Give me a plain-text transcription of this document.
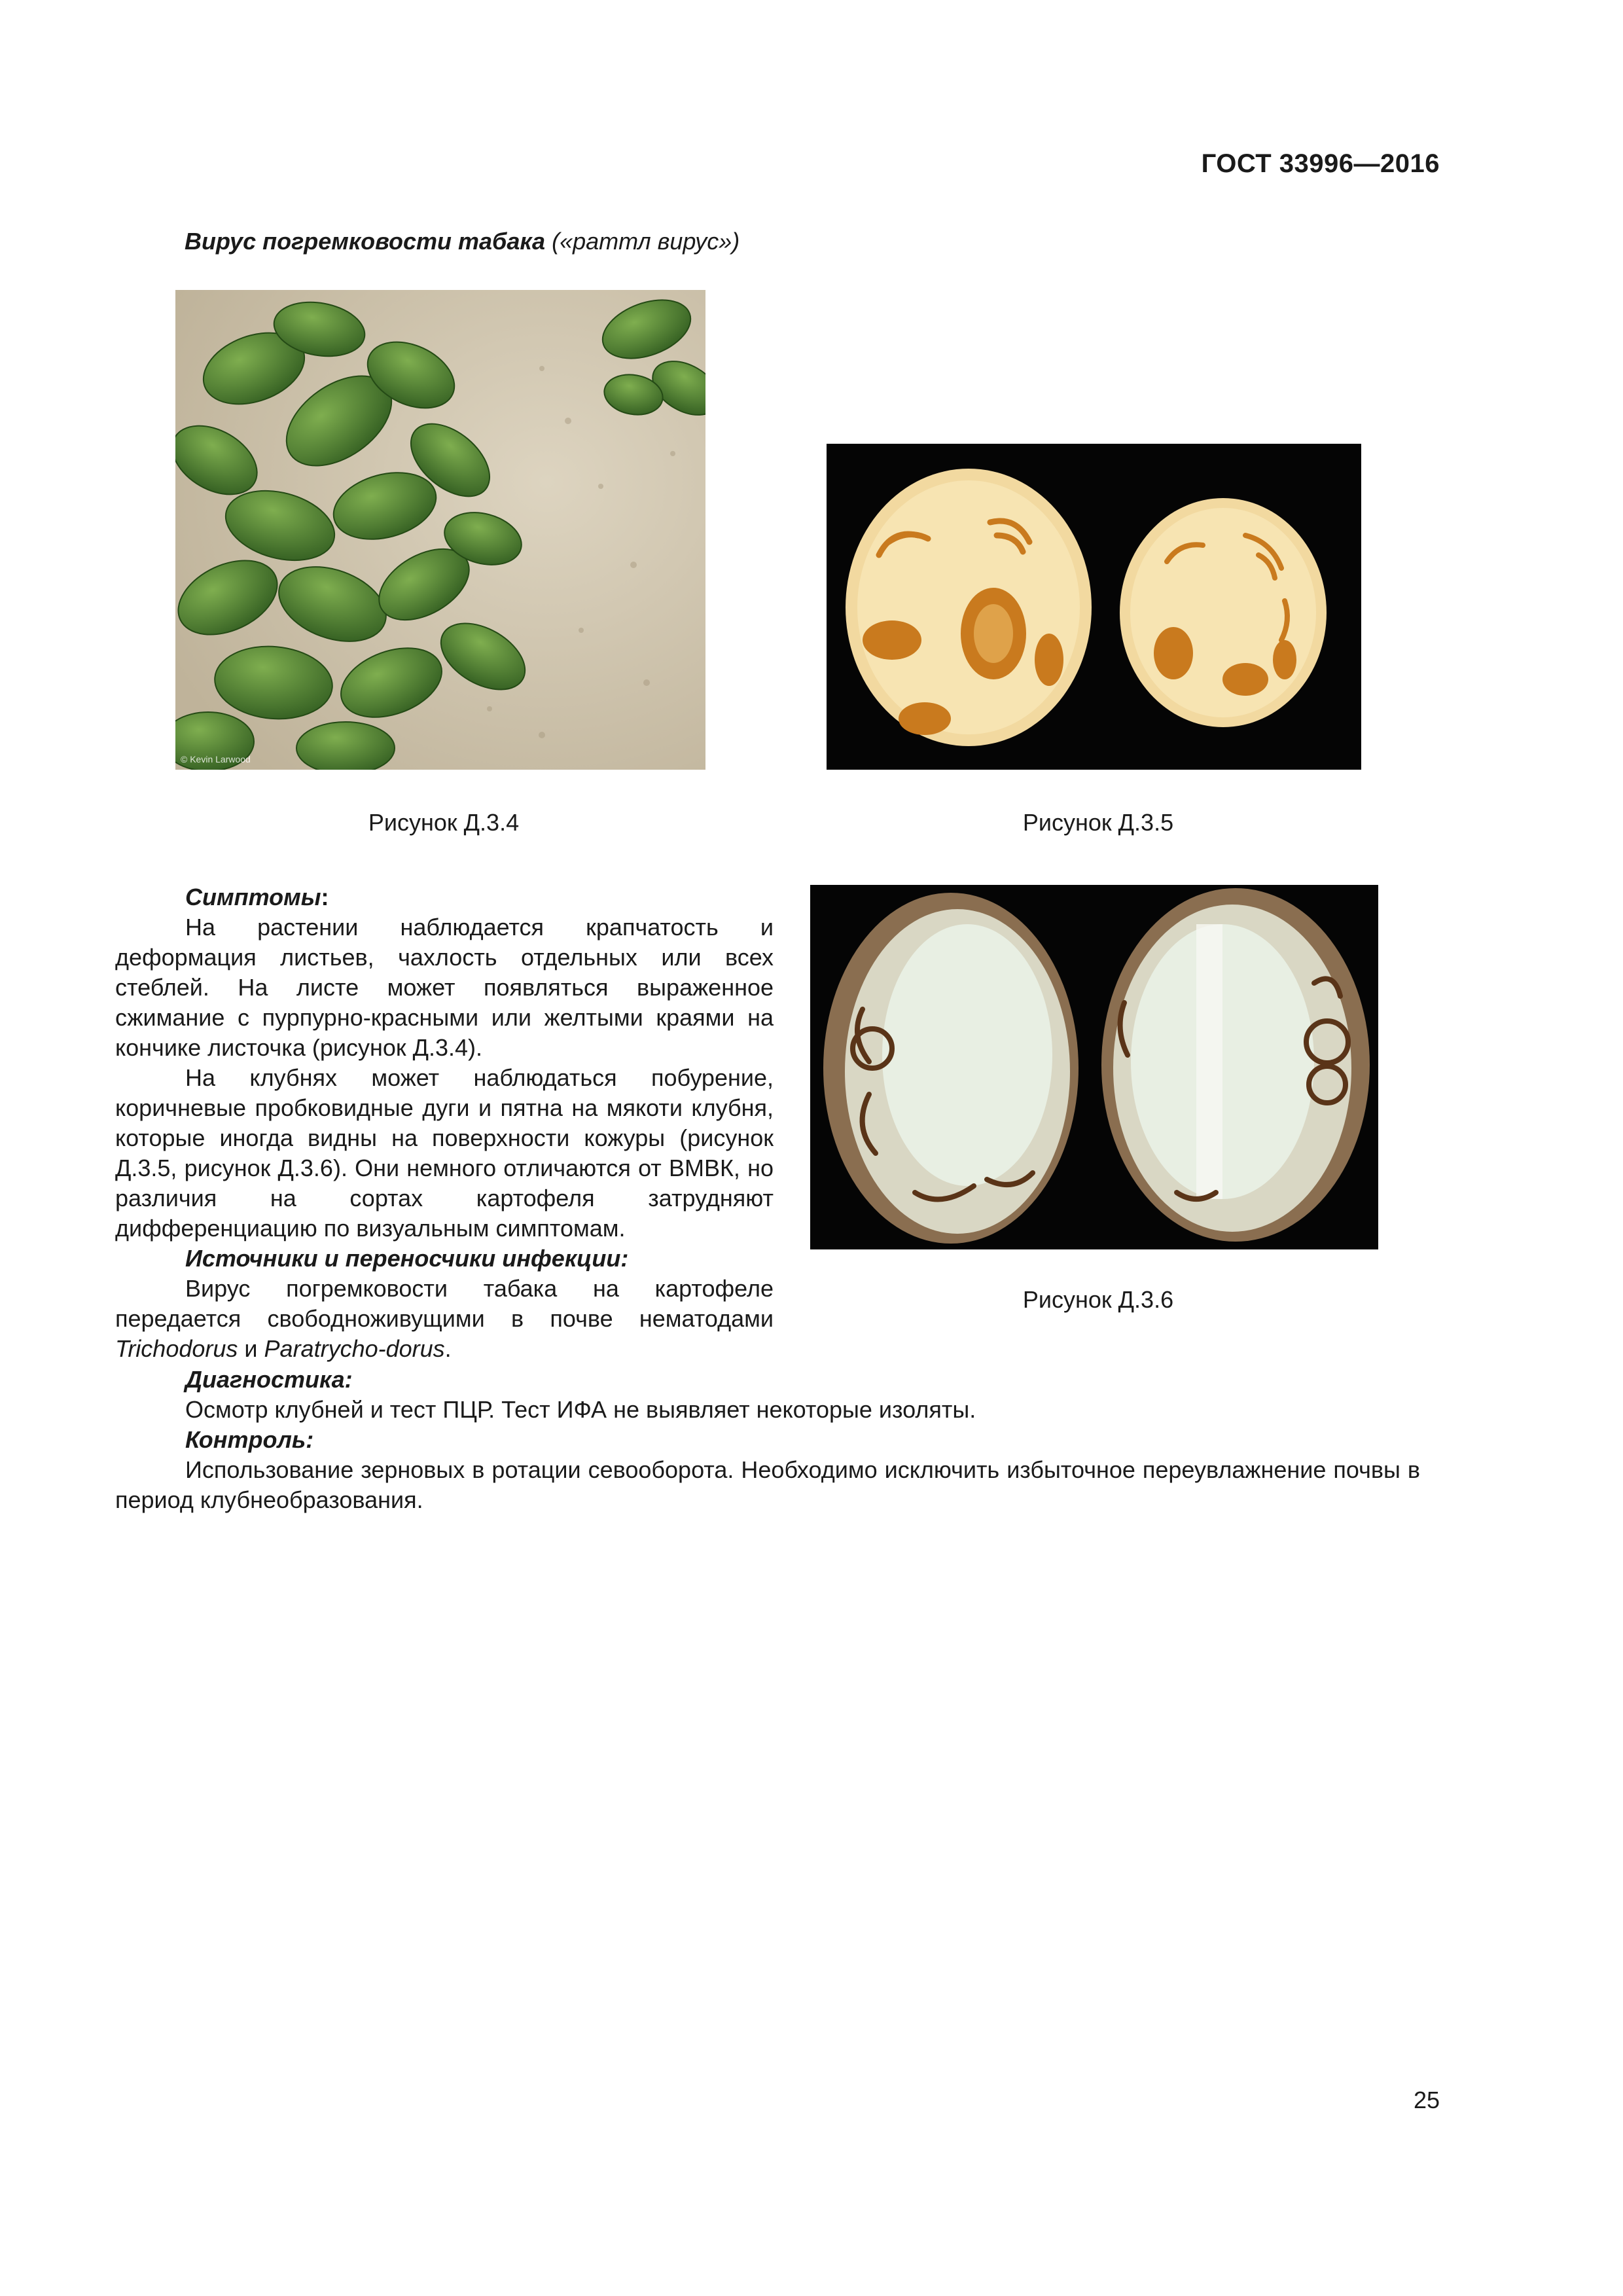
ГОСТ 33996—2016
Вирус погремковости табака («раттл вирус»)
© Kevin Larwood
Рисунок Д.3.4	Рисунок Д.3.5
Рисунок Д.3.6

Симптомы:

На растении наблюдается крапчатость и деформация листьев, чахлость отдельных или всех стеблей. На листе может появляться выраженное сжимание с пурпурно-красными или желтыми краями на кончике листочка (рисунок Д.3.4).

На клубнях может наблюдаться побурение, коричневые пробковидные дуги и пятна на мякоти клубня, которые иногда видны на поверхности кожуры (рисунок Д.3.5, рисунок Д.3.6). Они немного отличаются от ВМВК, но различия на сортах картофеля затрудняют дифференциацию по визуальным симптомам.

Источники и переносчики инфекции:

Вирус погремковости табака на картофеле передается свободноживущими в почве нематодами Trichodorus и Paratrycho-dorus.

Диагностика:

Осмотр клубней и тест ПЦР. Тест ИФА не выявляет некоторые изоляты.

Контроль:

Использование зерновых в ротации севооборота. Необходимо исключить избыточное переувлажнение почвы в период клубнеобразования.

25
